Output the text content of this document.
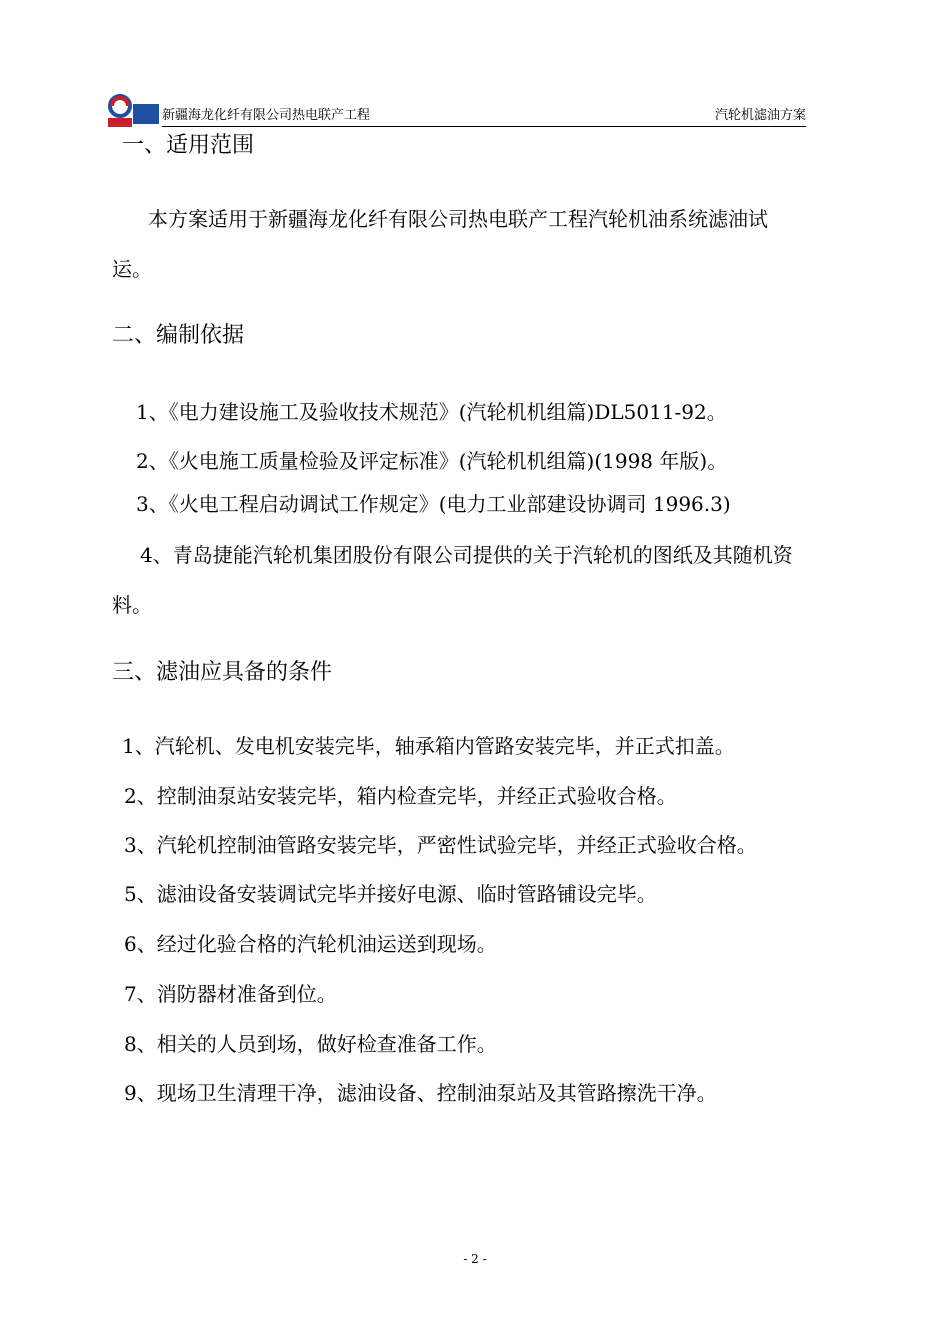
新疆海龙化纤有限公司热电联产工程	汽轮机滤油方案
一、适用范围
本方案适用于新疆海龙化纤有限公司热电联产工程汽轮机油系统滤油试
运。
二、编制依据
1、《电力建设施工及验收技术规范》(汽轮机机组篇)DL5011-92。
2、《火电施工质量检验及评定标准》(汽轮机机组篇)(1998 年版)。
3、《火电工程启动调试工作规定》(电力工业部建设协调司 1996.3)
4、青岛捷能汽轮机集团股份有限公司提供的关于汽轮机的图纸及其随机资
料。
三、滤油应具备的条件
1、汽轮机、发电机安装完毕，轴承箱内管路安装完毕，并正式扣盖。
2、控制油泵站安装完毕，箱内检查完毕，并经正式验收合格。
3、汽轮机控制油管路安装完毕，严密性试验完毕，并经正式验收合格。
5、滤油设备安装调试完毕并接好电源、临时管路铺设完毕。
6、经过化验合格的汽轮机油运送到现场。
7、消防器材准备到位。
8、相关的人员到场，做好检查准备工作。
9、现场卫生清理干净，滤油设备、控制油泵站及其管路擦洗干净。
- 2 -
